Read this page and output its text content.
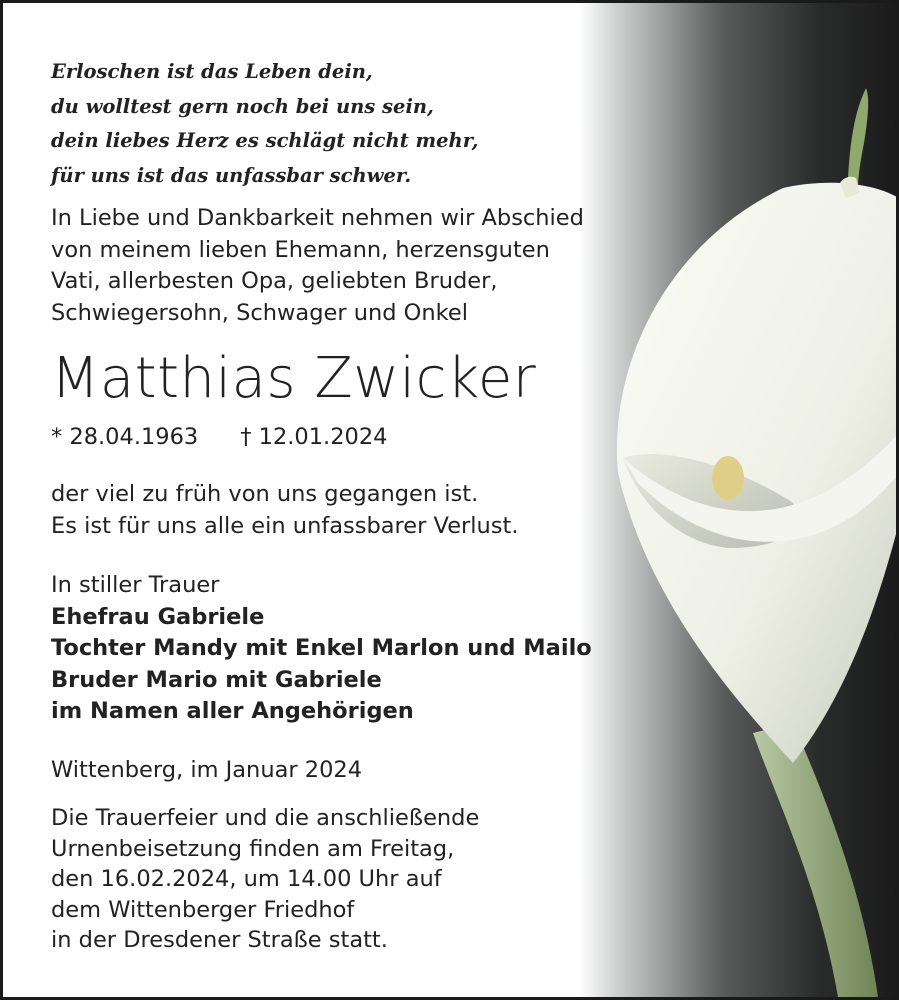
Erloschen ist das Leben dein,
du wolltest gern noch bei uns sein,
dein liebes Herz es schlägt nicht mehr,
für uns ist das unfassbar schwer.
In Liebe und Dankbarkeit nehmen wir Abschied
von meinem lieben Ehemann, herzensguten
Vati, allerbesten Opa, geliebten Bruder,
Schwiegersohn, Schwager und Onkel
Matthias Zwicker
* 28.04.1963 † 12.01.2024
der viel zu früh von uns gegangen ist.
Es ist für uns alle ein unfassbarer Verlust.
In stiller Trauer
Ehefrau Gabriele
Tochter Mandy mit Enkel Marlon und Mailo
Bruder Mario mit Gabriele
im Namen aller Angehörigen
Wittenberg, im Januar 2024
Die Trauerfeier und die anschließende
Urnenbeisetzung finden am Freitag,
den 16.02.2024, um 14.00 Uhr auf
dem Wittenberger Friedhof
in der Dresdener Straße statt.
